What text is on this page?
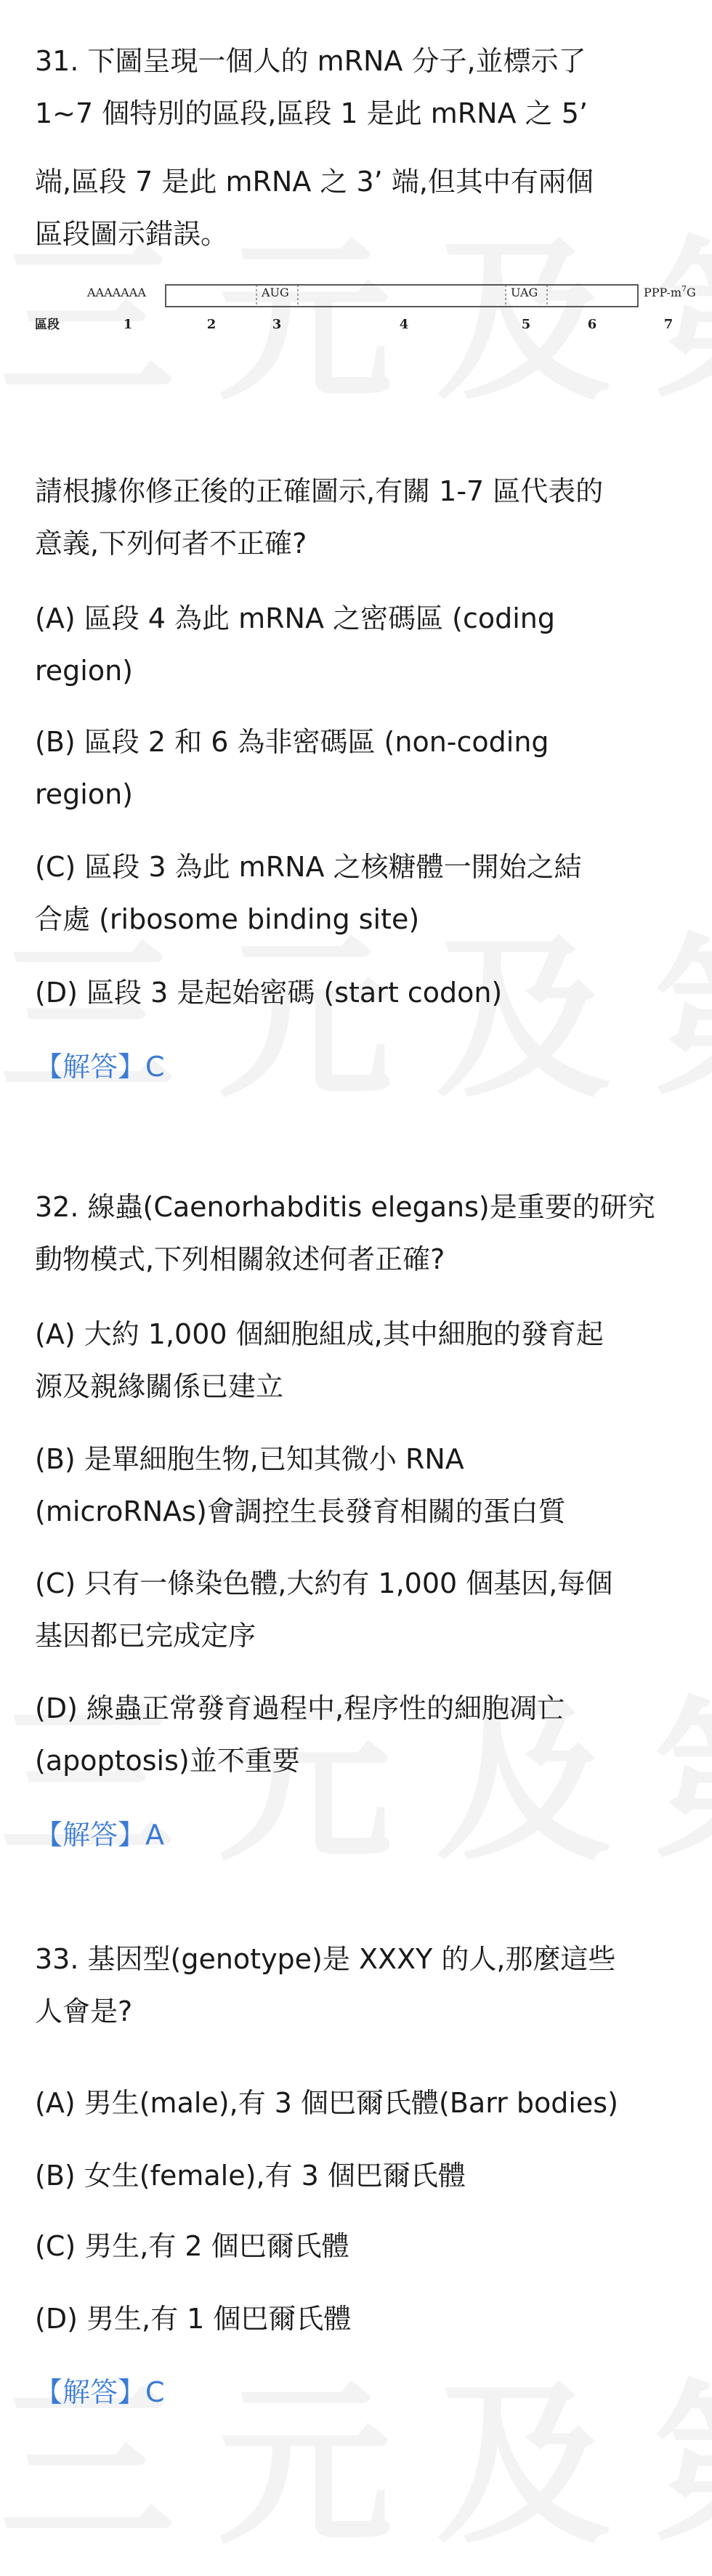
31. 下圖呈現一個人的 mRNA 分子,並標示了

1~7 個特別的區段,區段 1 是此 mRNA 之 5’

端,區段 7 是此 mRNA 之 3’ 端,但其中有兩個

區段圖示錯誤。

AAAAAAA	AUG	UAG	PPP-$m^7G$
區段	1	2	3	4	5	6	7

請根據你修正後的正確圖示,有關 1-7 區代表的

意義,下列何者不正確?

(A) 區段 4 為此 mRNA 之密碼區 (coding

region)

(B) 區段 2 和 6 為非密碼區 (non-coding

region)

(C) 區段 3 為此 mRNA 之核糖體一開始之結

合處 (ribosome binding site)

(D) 區段 3 是起始密碼 (start codon)

【解答】C

32. 線蟲(Caenorhabditis elegans)是重要的研究

動物模式,下列相關敘述何者正確?

(A) 大約 1,000 個細胞組成,其中細胞的發育起

源及親緣關係已建立

(B) 是單細胞生物,已知其微小 RNA

(microRNAs)會調控生長發育相關的蛋白質

(C) 只有一條染色體,大約有 1,000 個基因,每個

基因都已完成定序

(D) 線蟲正常發育過程中,程序性的細胞凋亡

(apoptosis)並不重要

【解答】A

33. 基因型(genotype)是 XXXY 的人,那麼這些

人會是?

(A) 男生(male),有 3 個巴爾氏體(Barr bodies)

(B) 女生(female),有 3 個巴爾氏體

(C) 男生,有 2 個巴爾氏體

(D) 男生,有 1 個巴爾氏體

【解答】C
